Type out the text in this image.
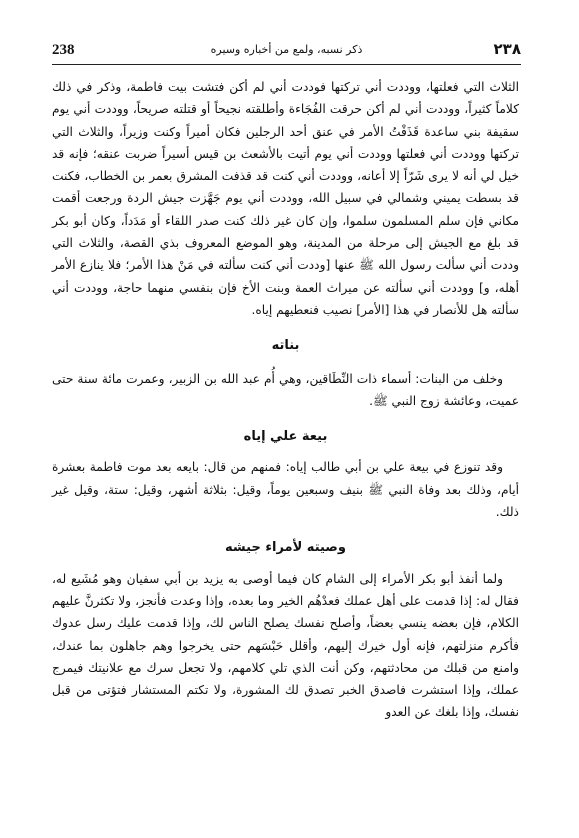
238	ذكر نسبه، ولمع من أخباره وسيره	٢٣٨

الثلاث التي فعلتها، ووددت أني تركتها فوددت أني لم أكن فتشت بيت فاطمة، وذكر في ذلك كلاماً كثيراً، ووددت أني لم أكن حرقت الفُجَاءة وأطلقته نجيحاً أو قتلته صريحاً، ووددت أني يوم سقيفة بني ساعدة قَذَفْتُ الأمر في عنق أحد الرجلين فكان أميراً وكنت وزيراً، والثلاث التي تركتها ووددت أني فعلتها ووددت أني يوم أتيت بالأشعث بن قيس أسيراً ضربت عنقه؛ فإنه قد خيل لي أنه لا يرى شَرّاً إلا أعانه، ووددت أني كنت قد قذفت المشرق بعمر بن الخطاب، فكنت قد بسطت يميني وشمالي في سبيل الله، ووددت أني يوم جَهَّزت جيش الردة ورجعت أقمت مكاني فإن سلم المسلمون سلموا، وإن كان غير ذلك كنت صدر اللقاء أو مَدَداً، وكان أبو بكر قد بلغ مع الجيش إلى مرحلة من المدينة، وهو الموضع المعروف بذي القصة، والثلاث التي وددت أني سألت رسول الله ﷺ عنها [وددت أني كنت سألته في مَنْ هذا الأمر؛ فلا ينازع الأمر أهله، و] ووددت أني سألته عن ميراث العمة وبنت الأخ فإن بنفسي منهما حاجة، ووددت أني سألته هل للأنصار في هذا [الأمر] نصيب فنعطيهم إياه.

بناته

وخلف من البنات: أسماء ذات النِّطَاقين، وهي أُم عبد الله بن الزبير، وعمرت مائة سنة حتى عميت، وعائشة زوج النبي ﷺ.

بيعة علي إياه

وقد تنوزع في بيعة علي بن أبي طالب إياه: فمنهم من قال: بايعه بعد موت فاطمة بعشرة أيام، وذلك بعد وفاة النبي ﷺ بنيف وسبعين يوماً، وقيل: بثلاثة أشهر، وقيل: ستة، وقيل غير ذلك.

وصيته لأمراء جيشه

ولما أنفذ أبو بكر الأمراء إلى الشام كان فيما أوصى به يزيد بن أبي سفيان وهو مُشَيع له، فقال له: إذا قدمت على أهل عملك فعدْهُم الخير وما بعده، وإذا وعدت فأنجز، ولا تكثرنَّ عليهم الكلام، فإن بعضه ينسي بعضاً، وأصلح نفسك يصلح الناس لك، وإذا قدمت عليك رسل عدوك فأكرم منزلتهم، فإنه أول خيرك إليهم، وأقلل حَبْسَهم حتى يخرجوا وهم جاهلون بما عندك، وامنع من قبلك من محادثتهم، وكن أنت الذي تلي كلامهم، ولا تجعل سرك مع علانيتك فيمرج عملك، وإذا استشرت فاصدق الخبر تصدق لك المشورة، ولا تكتم المستشار فتؤتى من قبل نفسك، وإذا بلغك عن العدو
